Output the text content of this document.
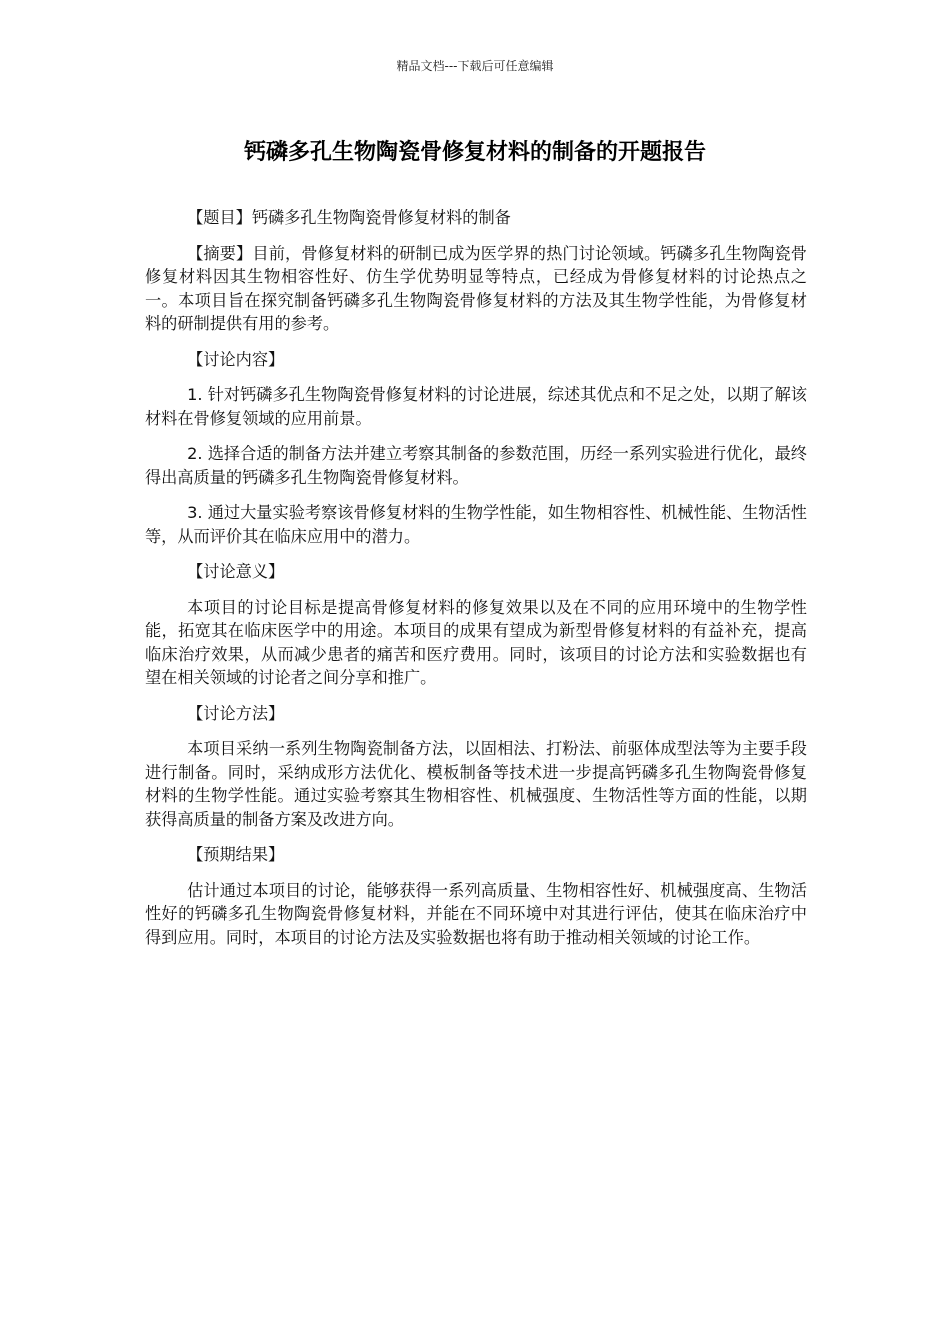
精品文档---下载后可任意编辑
钙磷多孔生物陶瓷骨修复材料的制备的开题报告

【题目】钙磷多孔生物陶瓷骨修复材料的制备

【摘要】目前，骨修复材料的研制已成为医学界的热门讨论领域。钙磷多孔生物陶瓷骨修复材料因其生物相容性好、仿生学优势明显等特点，已经成为骨修复材料的讨论热点之一。本项目旨在探究制备钙磷多孔生物陶瓷骨修复材料的方法及其生物学性能，为骨修复材料的研制提供有用的参考。

【讨论内容】

1. 针对钙磷多孔生物陶瓷骨修复材料的讨论进展，综述其优点和不足之处，以期了解该材料在骨修复领域的应用前景。

2. 选择合适的制备方法并建立考察其制备的参数范围，历经一系列实验进行优化，最终得出高质量的钙磷多孔生物陶瓷骨修复材料。

3. 通过大量实验考察该骨修复材料的生物学性能，如生物相容性、机械性能、生物活性等，从而评价其在临床应用中的潜力。

【讨论意义】

本项目的讨论目标是提高骨修复材料的修复效果以及在不同的应用环境中的生物学性能，拓宽其在临床医学中的用途。本项目的成果有望成为新型骨修复材料的有益补充，提高临床治疗效果，从而减少患者的痛苦和医疗费用。同时，该项目的讨论方法和实验数据也有望在相关领域的讨论者之间分享和推广。

【讨论方法】

本项目采纳一系列生物陶瓷制备方法，以固相法、打粉法、前驱体成型法等为主要手段进行制备。同时，采纳成形方法优化、模板制备等技术进一步提高钙磷多孔生物陶瓷骨修复材料的生物学性能。通过实验考察其生物相容性、机械强度、生物活性等方面的性能，以期获得高质量的制备方案及改进方向。

【预期结果】

估计通过本项目的讨论，能够获得一系列高质量、生物相容性好、机械强度高、生物活性好的钙磷多孔生物陶瓷骨修复材料，并能在不同环境中对其进行评估，使其在临床治疗中得到应用。同时，本项目的讨论方法及实验数据也将有助于推动相关领域的讨论工作。
